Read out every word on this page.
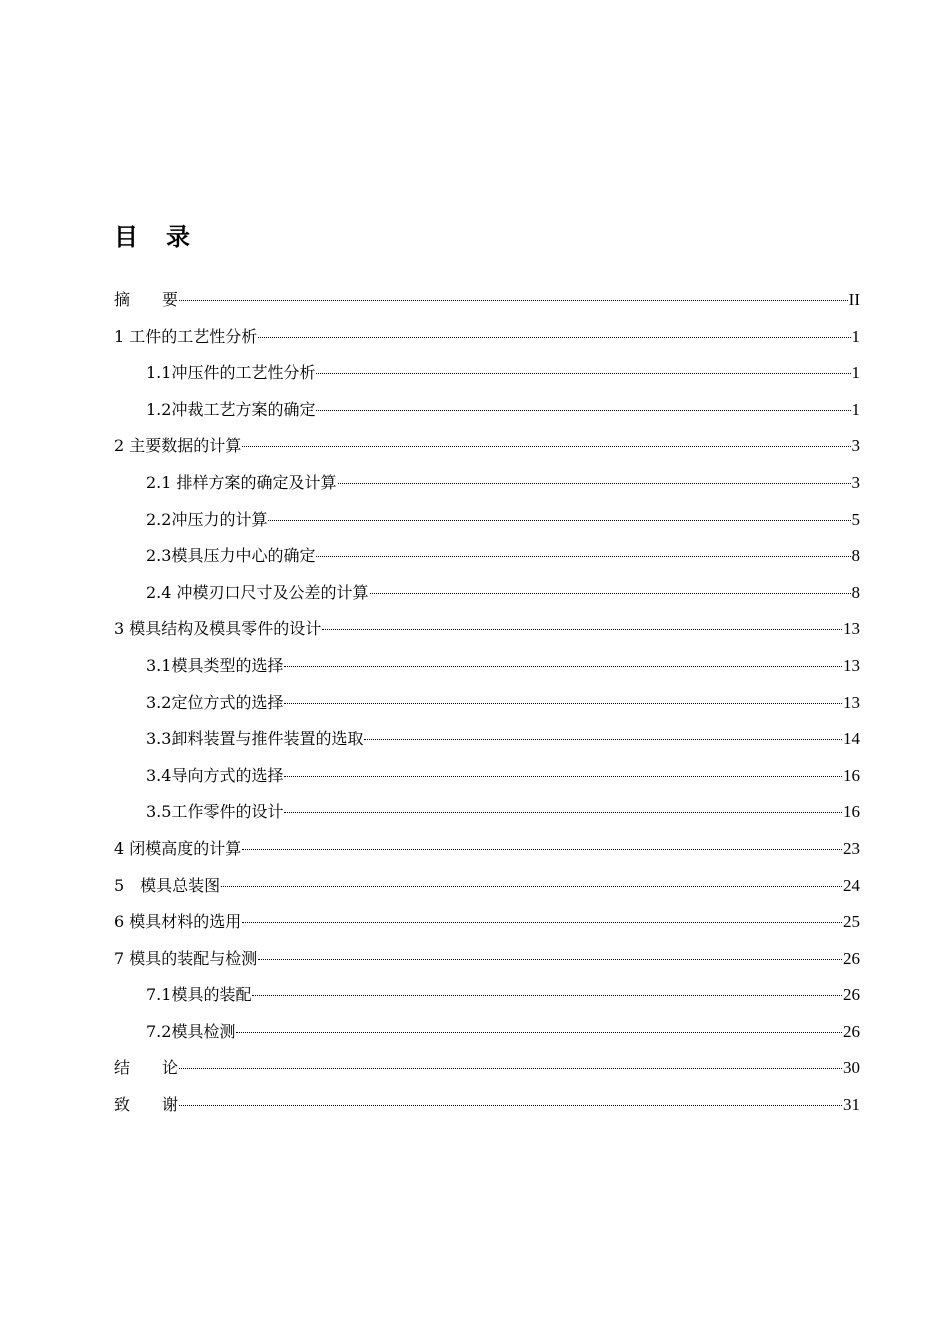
目　录
摘　　要	II
1 工件的工艺性分析	1
1.1冲压件的工艺性分析	1
1.2冲裁工艺方案的确定	1
2 主要数据的计算	3
2.1 排样方案的确定及计算	3
2.2冲压力的计算	5
2.3模具压力中心的确定	8
2.4 冲模刃口尺寸及公差的计算	8
3 模具结构及模具零件的设计	13
3.1模具类型的选择	13
3.2定位方式的选择	13
3.3卸料装置与推件装置的选取	14
3.4导向方式的选择	16
3.5工作零件的设计	16
4 闭模高度的计算	23
5　模具总装图	24
6 模具材料的选用	25
7 模具的装配与检测	26
7.1模具的装配	26
7.2模具检测	26
结　　论	30
致　　谢	31
